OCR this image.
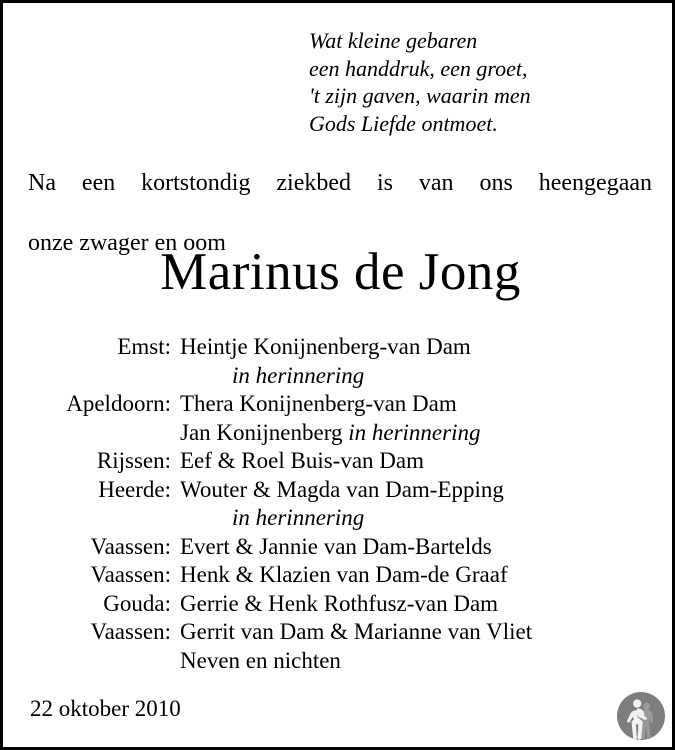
Wat kleine gebaren
een handdruk, een groet,
't zijn gaven, waarin men
Gods Liefde ontmoet.
Na een kortstondig ziekbed is van ons heengegaan
onze zwager en oom
Marinus de Jong
Emst: Heintje Konijnenberg-van Dam
in herinnering
Apeldoorn: Thera Konijnenberg-van Dam
Jan Konijnenberg in herinnering
Rijssen: Eef & Roel Buis-van Dam
Heerde: Wouter & Magda van Dam-Epping
in herinnering
Vaassen: Evert & Jannie van Dam-Bartelds
Vaassen: Henk & Klazien van Dam-de Graaf
Gouda: Gerrie & Henk Rothfusz-van Dam
Vaassen: Gerrit van Dam & Marianne van Vliet
Neven en nichten
22 oktober 2010
